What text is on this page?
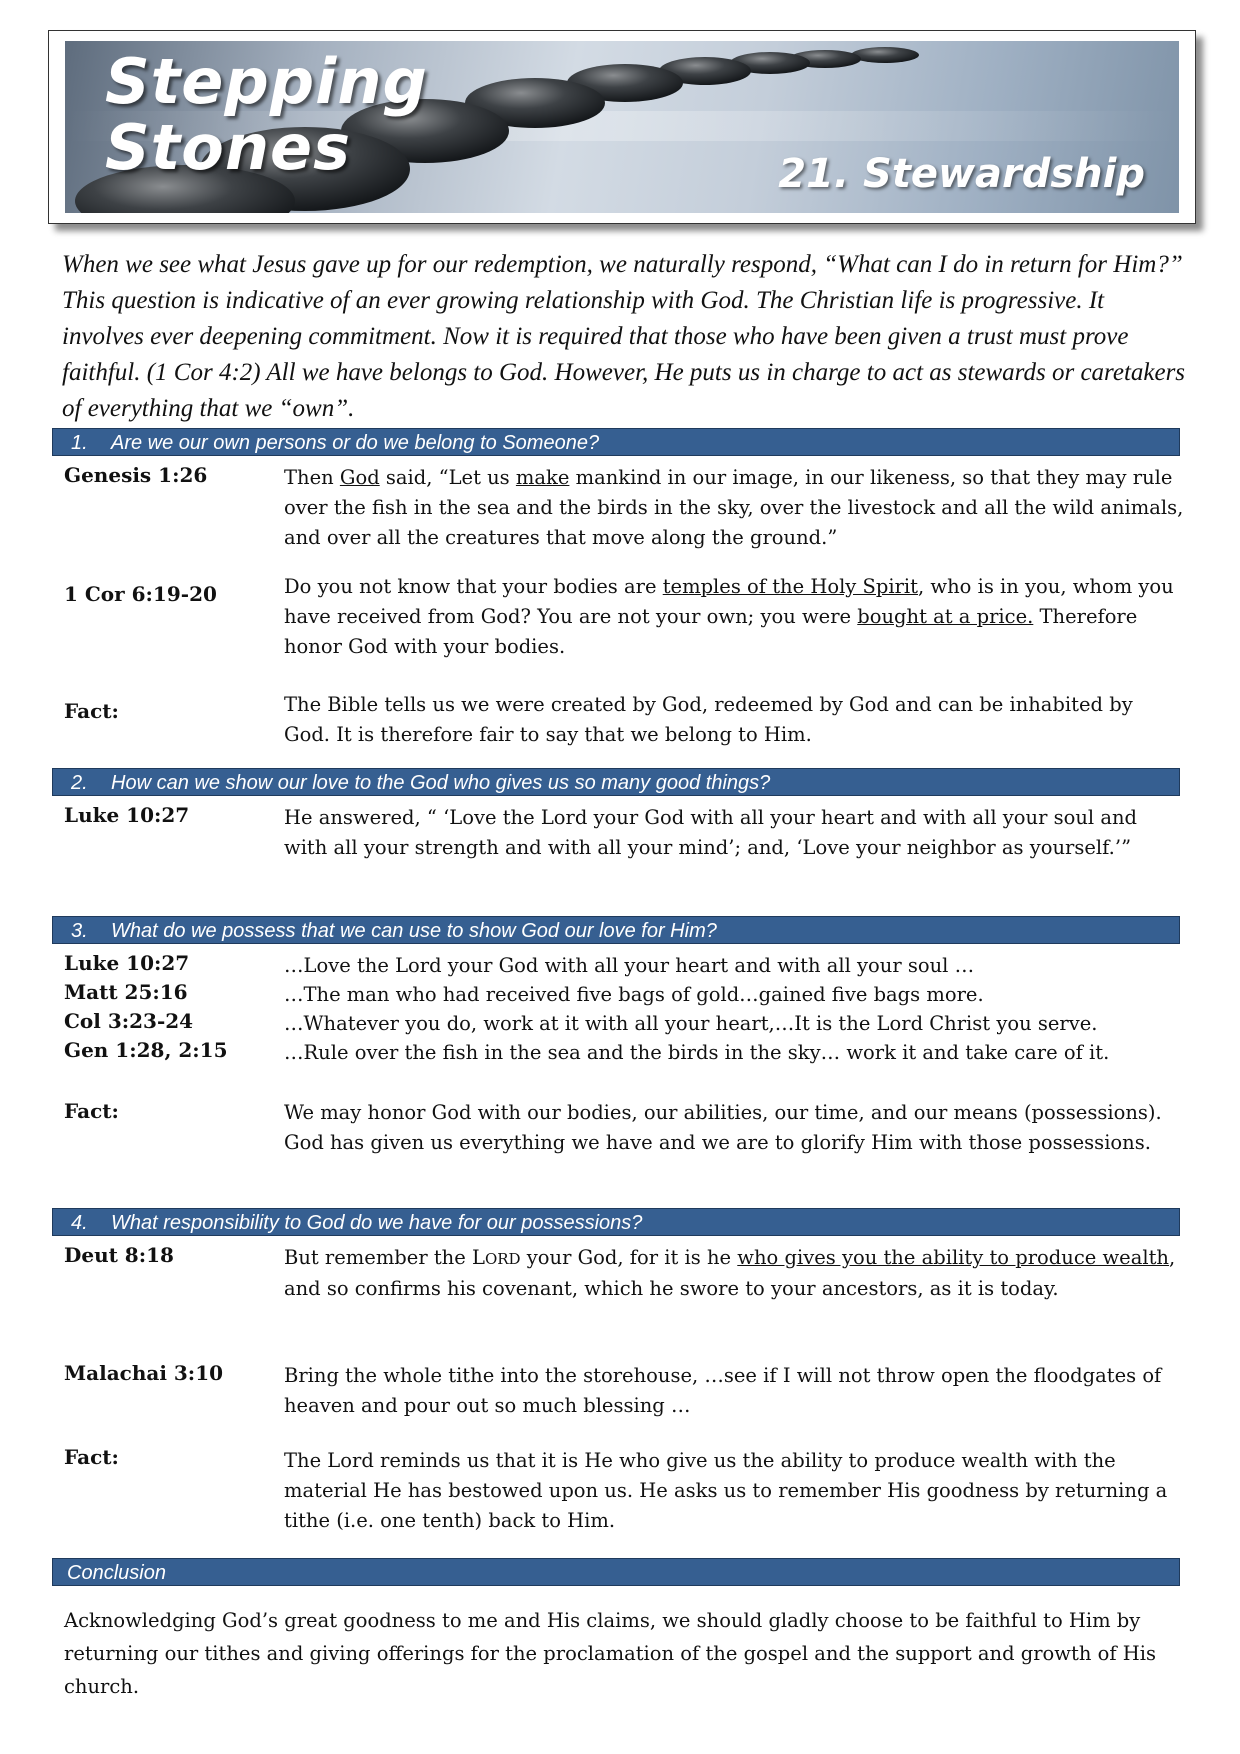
Stepping
Stones	21. Stewardship

When we see what Jesus gave up for our redemption, we naturally respond, “What can I do in return for Him?” This question is indicative of an ever growing relationship with God. The Christian life is progressive. It involves ever deepening commitment. Now it is required that those who have been given a trust must prove faithful. (1 Cor 4:2) All we have belongs to God. However, He puts us in charge to act as stewards or caretakers of everything that we “own”.

1. Are we our own persons or do we belong to Someone?
Genesis 1:26	Then God said, “Let us make mankind in our image, in our likeness, so that they may rule over the fish in the sea and the birds in the sky, over the livestock and all the wild animals, and over all the creatures that move along the ground.”
1 Cor 6:19-20	Do you not know that your bodies are temples of the Holy Spirit, who is in you, whom you have received from God? You are not your own; you were bought at a price. Therefore honor God with your bodies.
Fact:	The Bible tells us we were created by God, redeemed by God and can be inhabited by God. It is therefore fair to say that we belong to Him.
2. How can we show our love to the God who gives us so many good things?
Luke 10:27	He answered, “ ‘Love the Lord your God with all your heart and with all your soul and with all your strength and with all your mind’; and, ‘Love your neighbor as yourself.’”
3. What do we possess that we can use to show God our love for Him?
Luke 10:27	…Love the Lord your God with all your heart and with all your soul …
Matt 25:16	…The man who had received five bags of gold…gained five bags more.
Col 3:23-24	…Whatever you do, work at it with all your heart,…It is the Lord Christ you serve.
Gen 1:28, 2:15	…Rule over the fish in the sea and the birds in the sky… work it and take care of it.
Fact:	We may honor God with our bodies, our abilities, our time, and our means (possessions). God has given us everything we have and we are to glorify Him with those possessions.
4. What responsibility to God do we have for our possessions?
Deut 8:18	But remember the LORD your God, for it is he who gives you the ability to produce wealth, and so confirms his covenant, which he swore to your ancestors, as it is today.
Malachai 3:10	Bring the whole tithe into the storehouse, …see if I will not throw open the floodgates of heaven and pour out so much blessing …
Fact:	The Lord reminds us that it is He who give us the ability to produce wealth with the material He has bestowed upon us. He asks us to remember His goodness by returning a tithe (i.e. one tenth) back to Him.
Conclusion

Acknowledging God’s great goodness to me and His claims, we should gladly choose to be faithful to Him by returning our tithes and giving offerings for the proclamation of the gospel and the support and growth of His church.
